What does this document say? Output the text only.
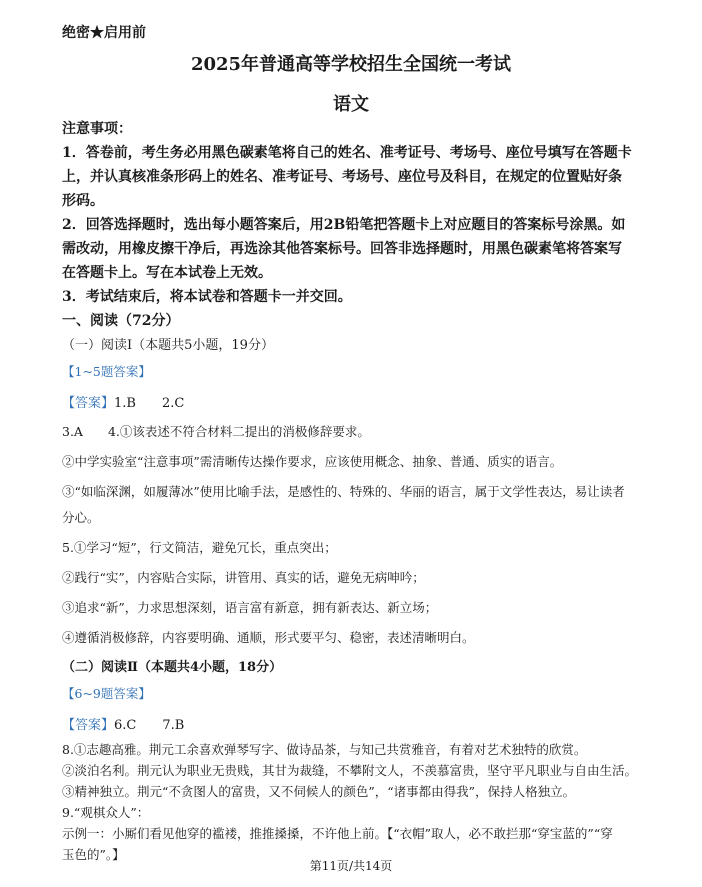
绝密★启用前
2025年普通高等学校招生全国统一考试
语文
注意事项：
1．答卷前，考生务必用黑色碳素笔将自己的姓名、准考证号、考场号、座位号填写在答题卡
上，并认真核准条形码上的姓名、准考证号、考场号、座位号及科目，在规定的位置贴好条
形码。
2．回答选择题时，选出每小题答案后，用2B铅笔把答题卡上对应题目的答案标号涂黑。如
需改动，用橡皮擦干净后，再选涂其他答案标号。回答非选择题时，用黑色碳素笔将答案写
在答题卡上。写在本试卷上无效。
3．考试结束后，将本试卷和答题卡一并交回。
一、阅读（72分）
（一）阅读Ⅰ（本题共5小题，19分）
【1~5题答案】
【答案】1.B 2.C
3.A　　4.①该表述不符合材料二提出的消极修辞要求。
②中学实验室“注意事项”需清晰传达操作要求，应该使用概念、抽象、普通、质实的语言。
③“如临深渊，如履薄冰”使用比喻手法，是感性的、特殊的、华丽的语言，属于文学性表达，易让读者
分心。
5.①学习“短”，行文简洁，避免冗长，重点突出；
②践行“实”，内容贴合实际，讲管用、真实的话，避免无病呻吟；
③追求“新”，力求思想深刻，语言富有新意，拥有新表达、新立场；
④遵循消极修辞，内容要明确、通顺，形式要平匀、稳密，表述清晰明白。
（二）阅读Ⅱ（本题共4小题，18分）
【6~9题答案】
【答案】6.C 7.B
第11页/共14页
8.①志趣高雅。荆元工余喜欢弹琴写字、做诗品茶，与知己共赏雅音，有着对艺术独特的欣赏。
②淡泊名利。荆元认为职业无贵贱，其甘为裁缝，不攀附文人，不羡慕富贵，坚守平凡职业与自由生活。
③精神独立。荆元“不贪图人的富贵，又不伺候人的颜色”，“诸事都由得我”，保持人格独立。
9.“观棋众人”：
示例一：小厮们看见他穿的褴褛，推推搡搡，不许他上前。【“衣帽”取人，必不敢拦那“穿宝蓝的”“穿
玉色的”。】
